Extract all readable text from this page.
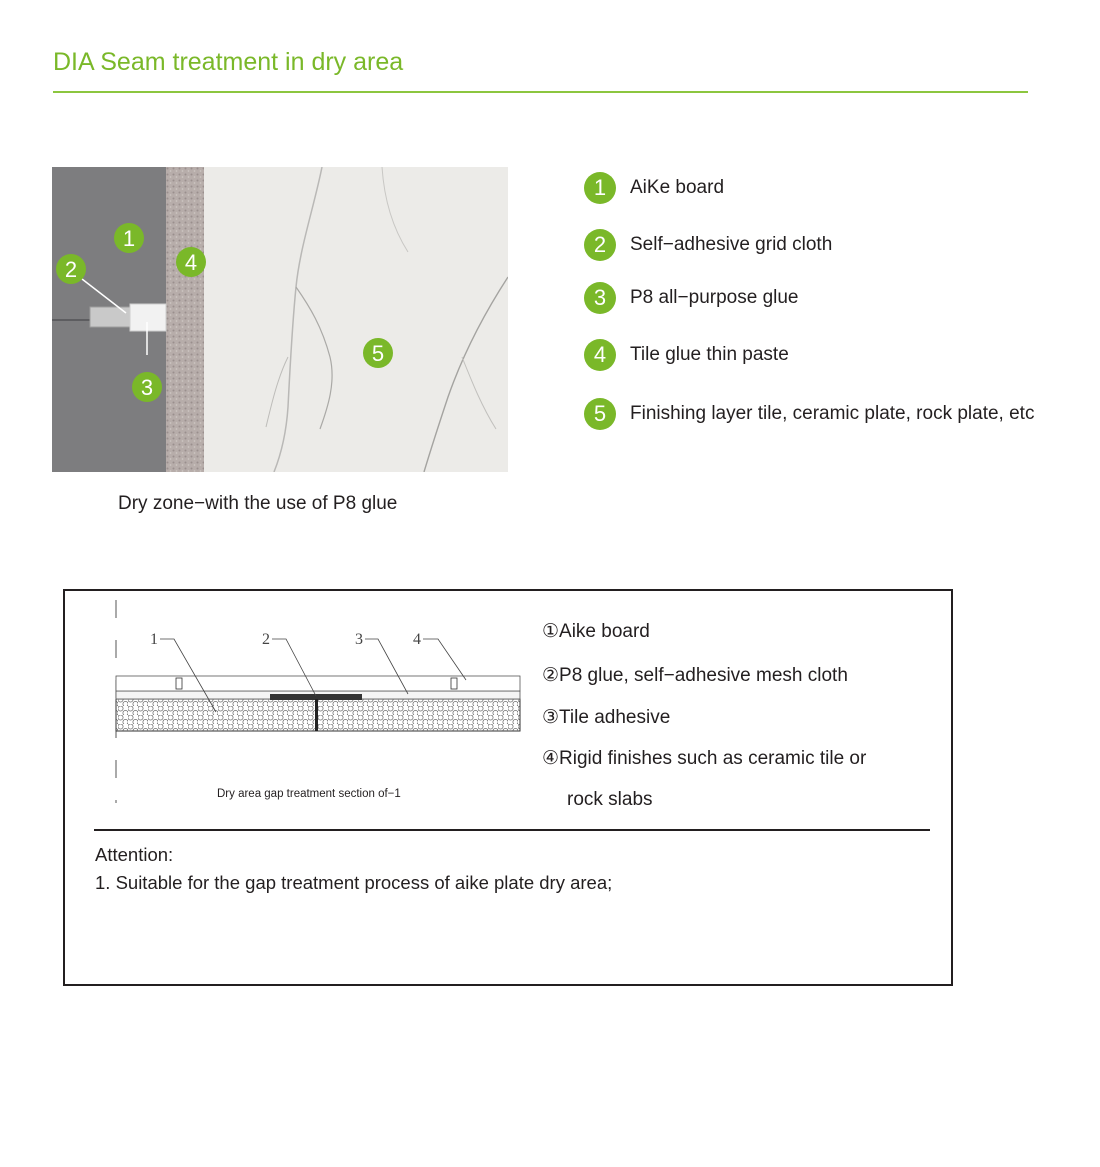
DIA Seam treatment in dry area
1
2
3
4
5
Dry zone−with the use of P8 glue
1	AiKe board
2	Self−adhesive grid cloth
3	P8 all−purpose glue
4	Tile glue thin paste
5	Finishing layer tile, ceramic plate, rock plate, etc
1	2	3	4
Dry area gap treatment section of−1
①Aike board
②P8 glue, self−adhesive mesh cloth
③Tile adhesive
④Rigid finishes such as ceramic tile or
rock slabs
Attention:
1. Suitable for the gap treatment process of aike plate dry area;
